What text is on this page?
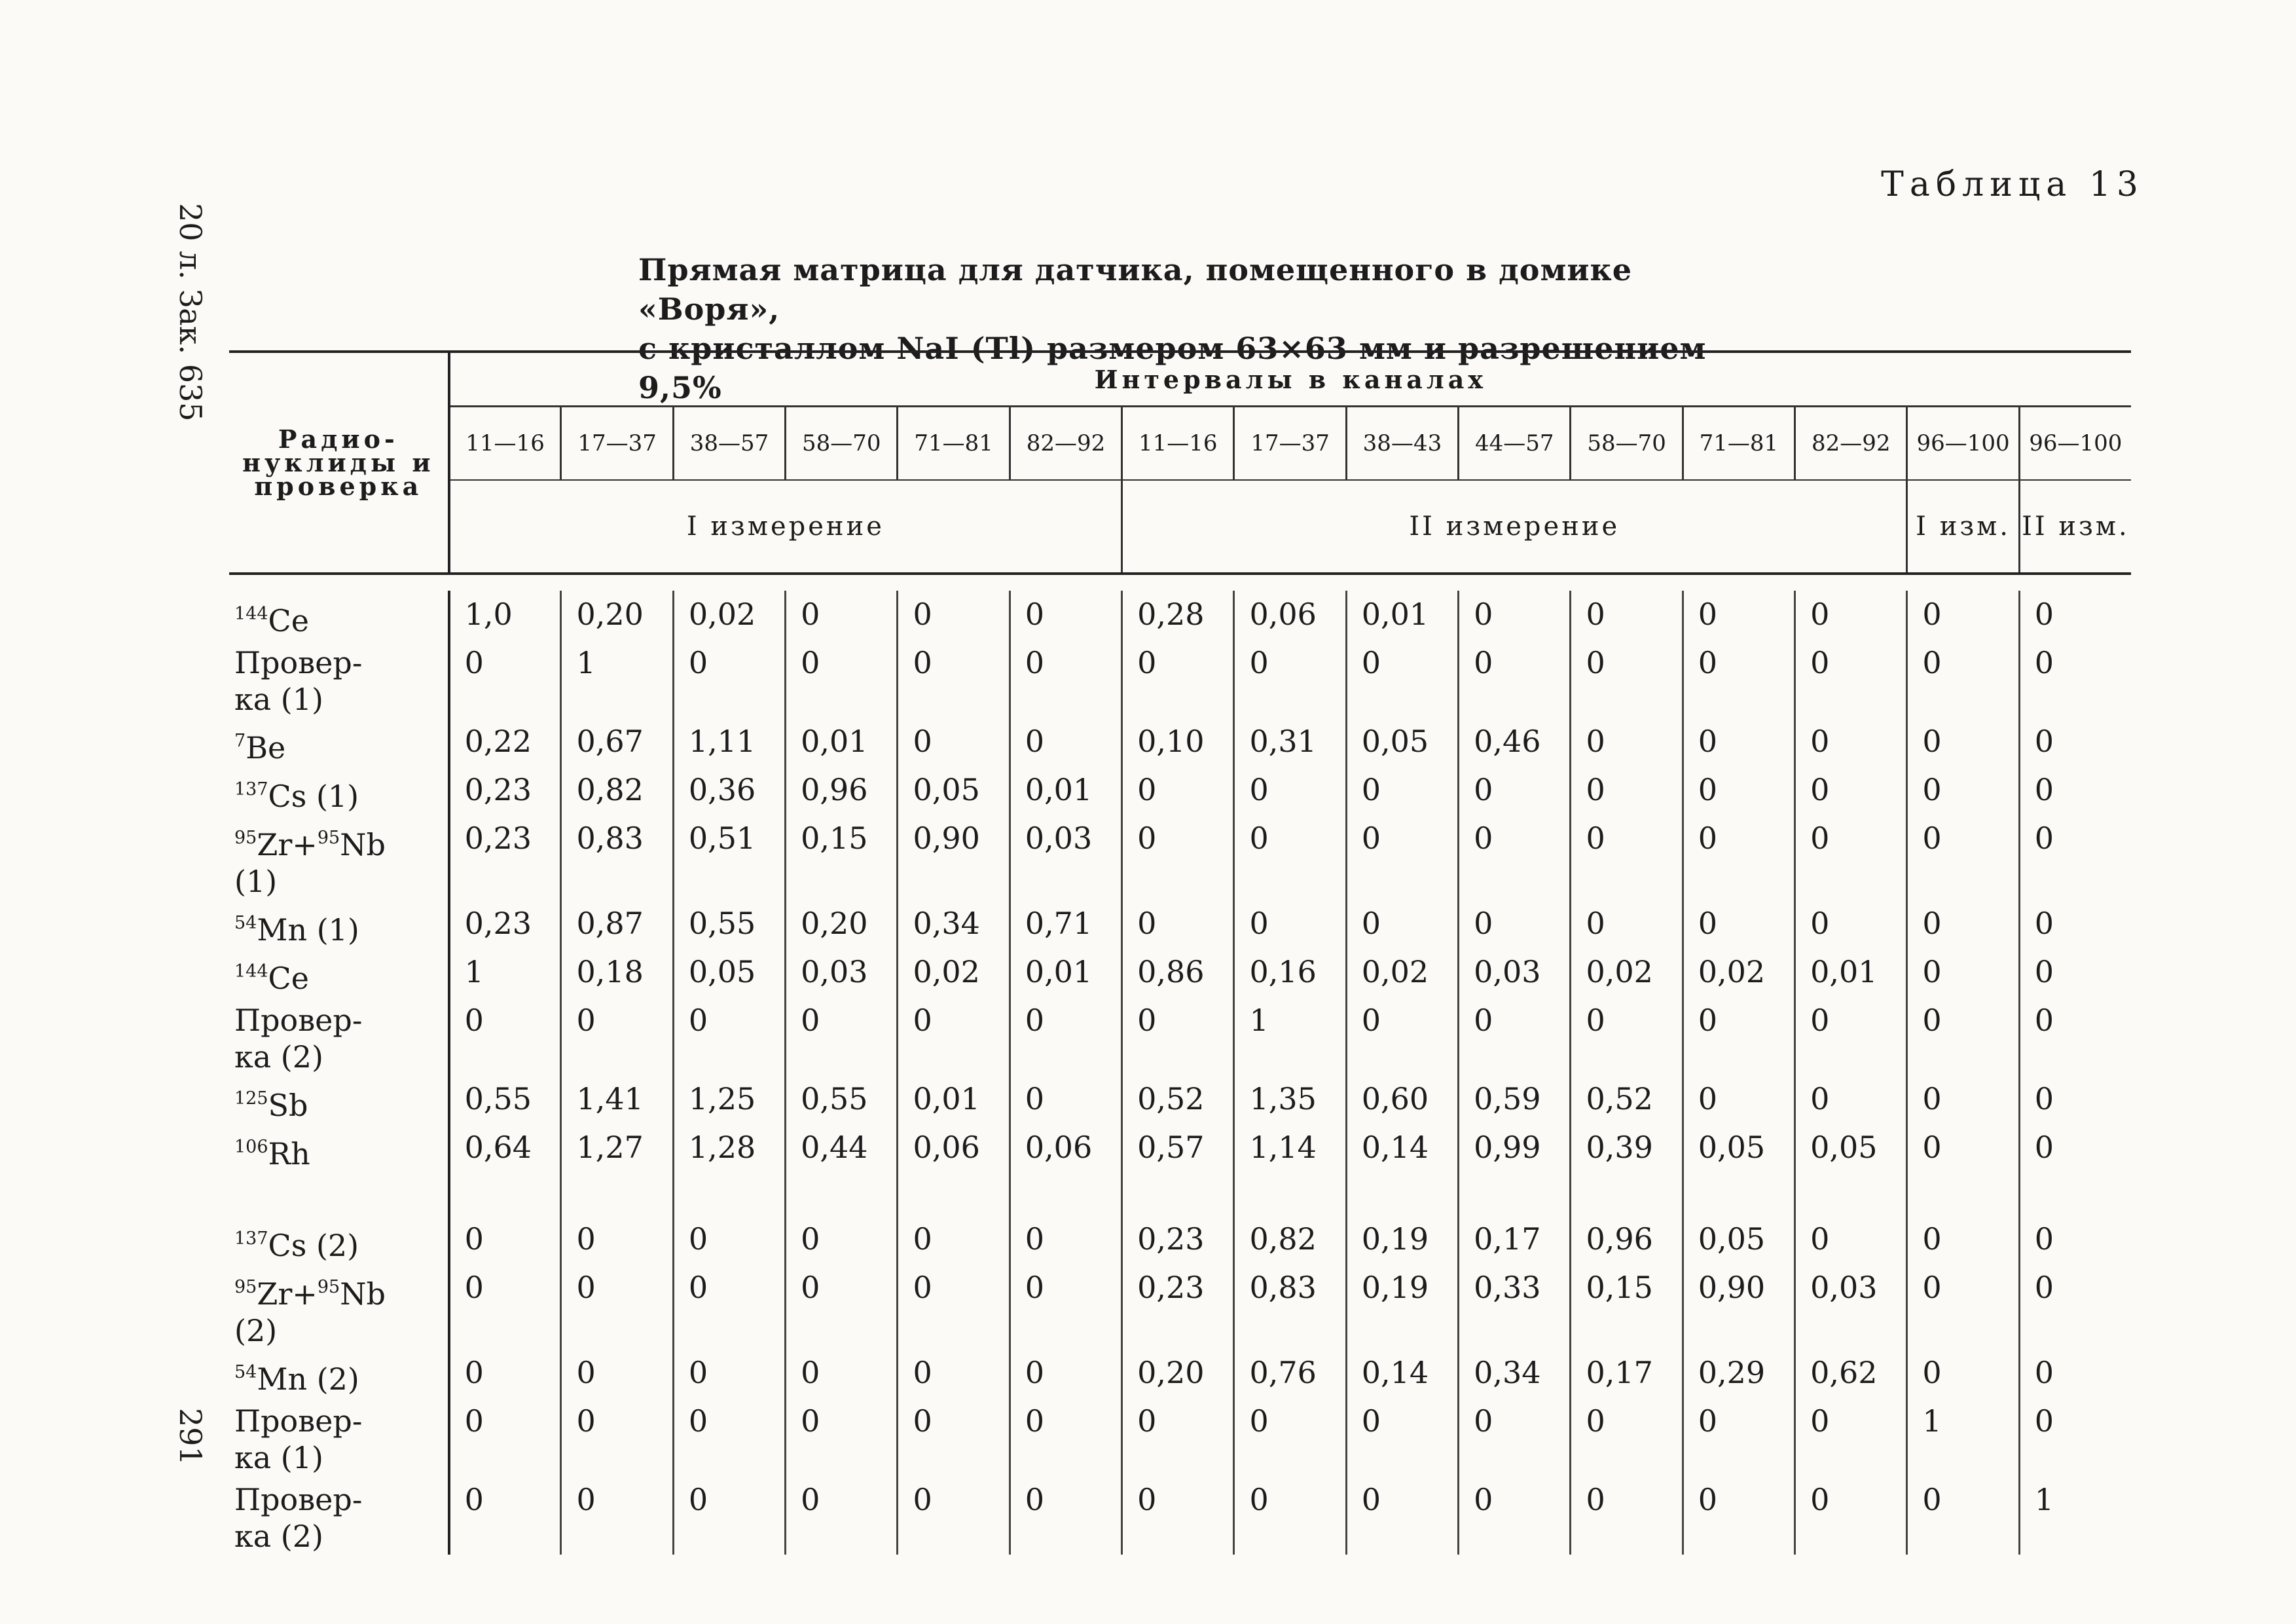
20 л. Зак. 635
291
Таблица 13
Прямая матрица для датчика, помещенного в домике «Воря»,
с кристаллом NaI (Tl) размером 63×63 мм и разрешением 9,5%
Радио-нуклиды и проверка	Интервалы в каналах														
	11—16	17—37	38—57	58—70	71—81	82—92	11—16	17—37	38—43	44—57	58—70	71—81	82—92	96—100	96—100
	I измерение						II измерение							I изм.	II изм.

$^{144}$Ce	1,0	0,20	0,02	0	0	0	0,28	0,06	0,01	0	0	0	0	0	0
Провер-
ка (1)	0	1	0	0	0	0	0	0	0	0	0	0	0	0	0
$^7$Be	0,22	0,67	1,11	0,01	0	0	0,10	0,31	0,05	0,46	0	0	0	0	0
$^{137}$Cs (1)	0,23	0,82	0,36	0,96	0,05	0,01	0	0	0	0	0	0	0	0	0
$^{95}$Zr+$^{95}$Nb
(1)	0,23	0,83	0,51	0,15	0,90	0,03	0	0	0	0	0	0	0	0	0
$^{54}$Mn (1)	0,23	0,87	0,55	0,20	0,34	0,71	0	0	0	0	0	0	0	0	0
$^{144}$Ce	1	0,18	0,05	0,03	0,02	0,01	0,86	0,16	0,02	0,03	0,02	0,02	0,01	0	0
Провер-
ка (2)	0	0	0	0	0	0	0	1	0	0	0	0	0	0	0
$^{125}$Sb	0,55	1,41	1,25	0,55	0,01	0	0,52	1,35	0,60	0,59	0,52	0	0	0	0
$^{106}$Rh	0,64	1,27	1,28	0,44	0,06	0,06	0,57	1,14	0,14	0,99	0,39	0,05	0,05	0	0

$^{137}$Cs (2)	0	0	0	0	0	0	0,23	0,82	0,19	0,17	0,96	0,05	0	0	0
$^{95}$Zr+$^{95}$Nb
(2)	0	0	0	0	0	0	0,23	0,83	0,19	0,33	0,15	0,90	0,03	0	0
$^{54}$Mn (2)	0	0	0	0	0	0	0,20	0,76	0,14	0,34	0,17	0,29	0,62	0	0
Провер-
ка (1)	0	0	0	0	0	0	0	0	0	0	0	0	0	1	0
Провер-
ка (2)	0	0	0	0	0	0	0	0	0	0	0	0	0	0	1
